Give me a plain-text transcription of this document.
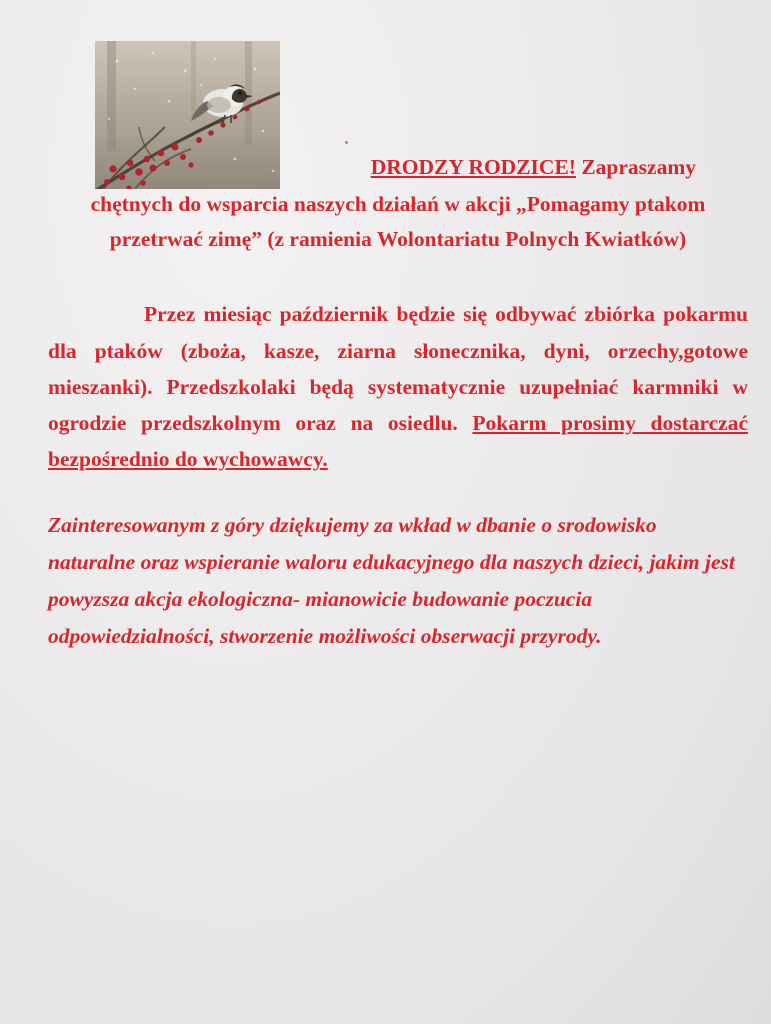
DRODZY RODZICE! Zapraszamy
chętnych do wsparcia naszych działań w akcji „Pomagamy ptakom przetrwać zimę” (z ramienia Wolontariatu Polnych Kwiatków)

Przez miesiąc październik będzie się odbywać zbiórka pokarmu dla ptaków (zboża, kasze, ziarna słonecznika, dyni, orzechy,gotowe mieszanki). Przedszkolaki będą systematycznie uzupełniać karmniki w ogrodzie przedszkolnym oraz na osiedlu. Pokarm prosimy dostarczać bezpośrednio do wychowawcy.

Zainteresowanym z góry dziękujemy za wkład w dbanie o srodowisko naturalne oraz wspieranie waloru edukacyjnego dla naszych dzieci, jakim jest powyzsza akcja ekologiczna- mianowicie budowanie poczucia odpowiedzialności, stworzenie możliwości obserwacji przyrody.
